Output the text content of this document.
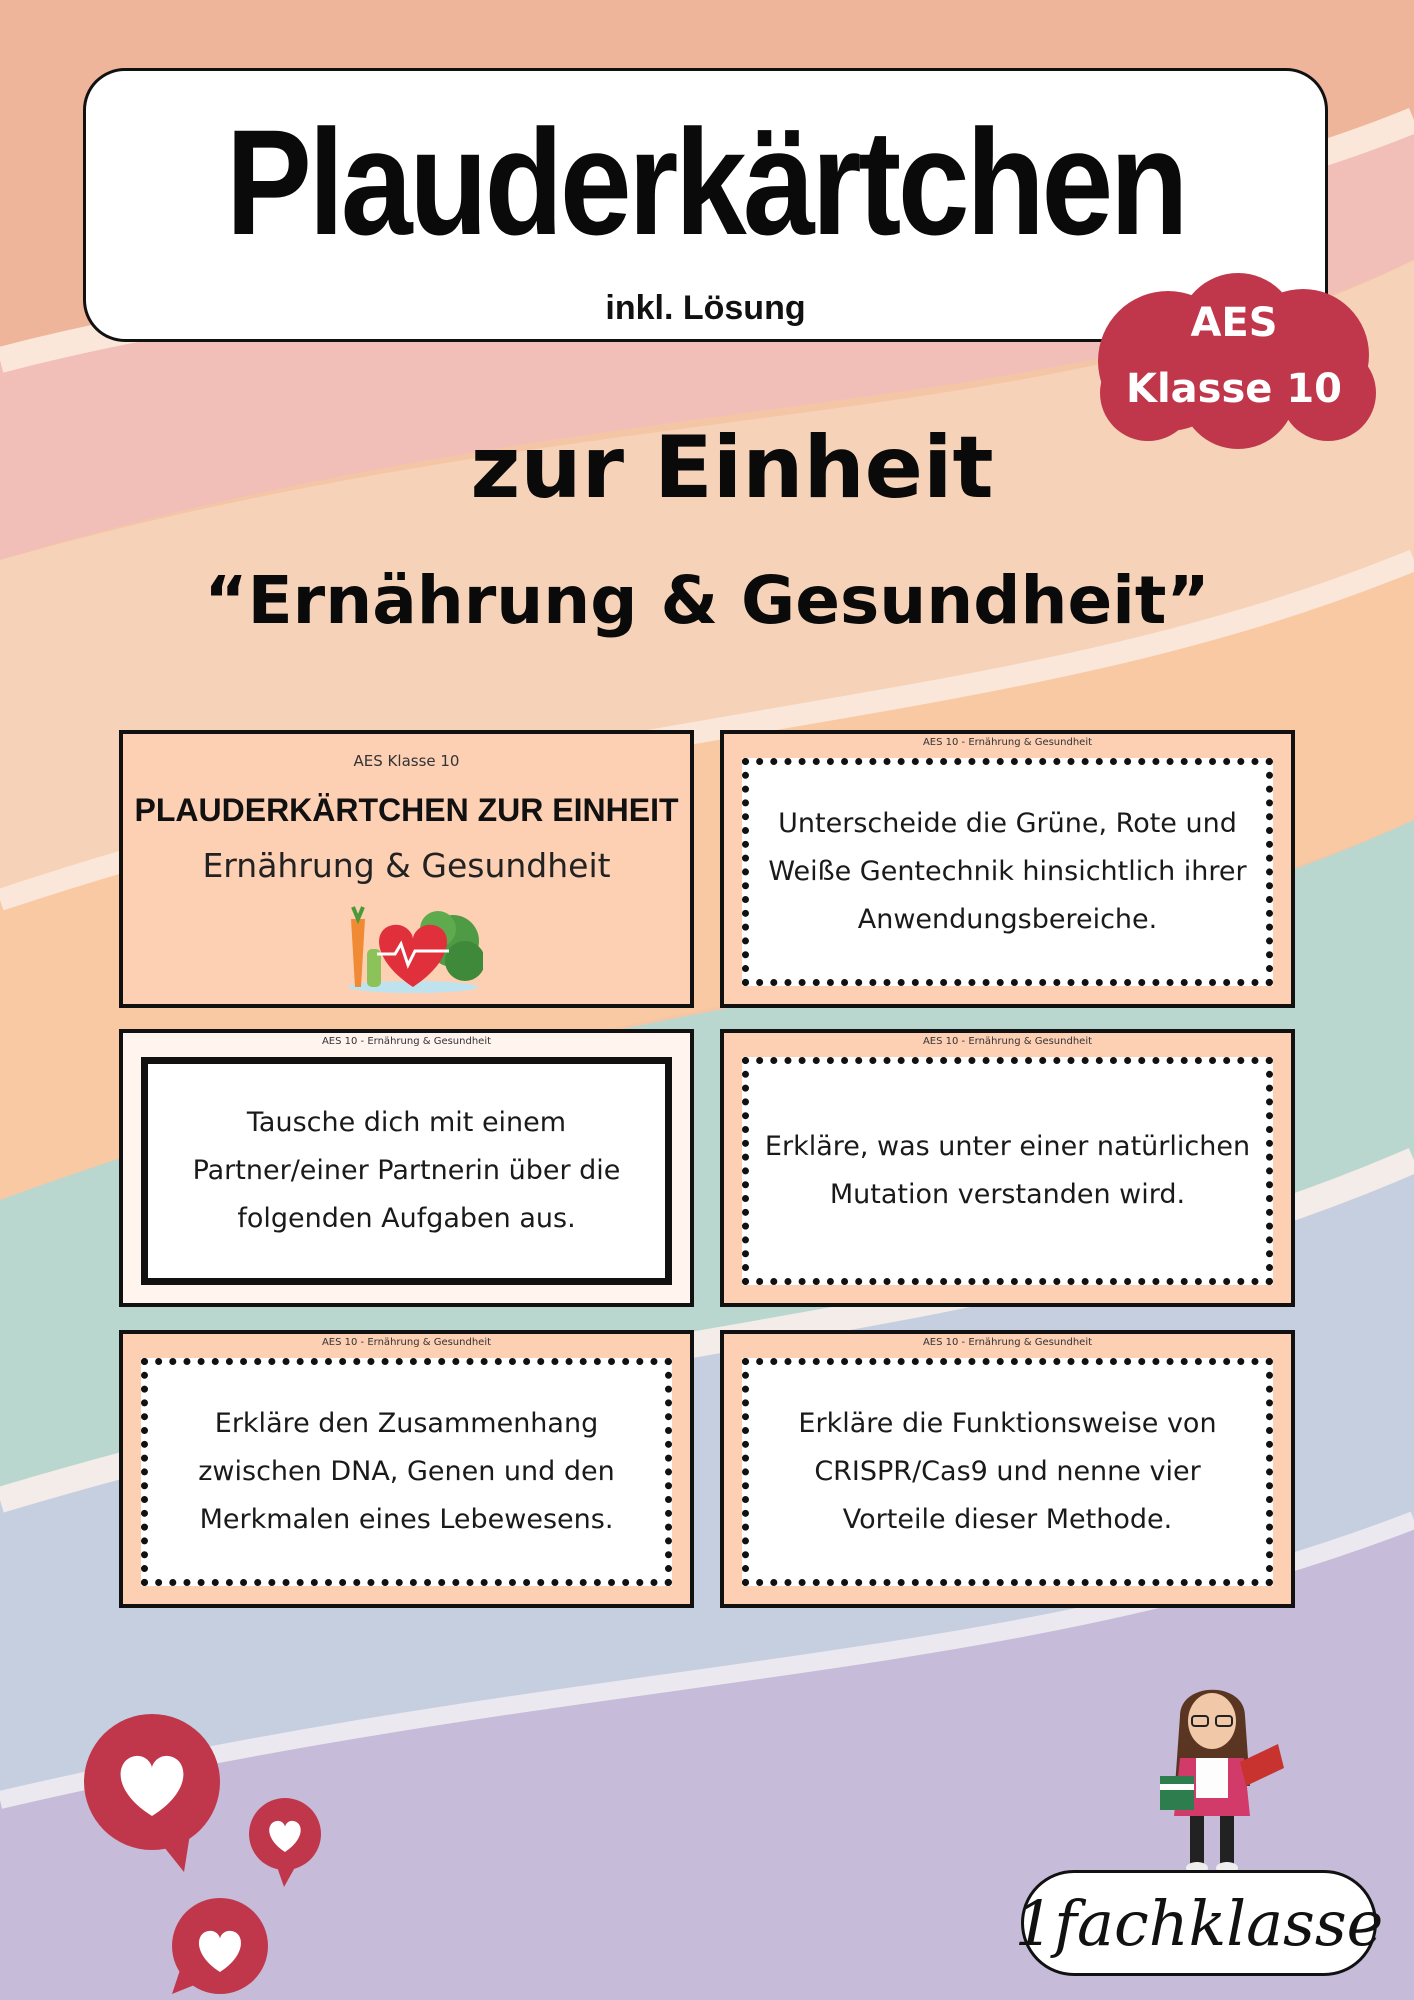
Plauderkärtchen
inkl. Lösung	AES
Klasse 10
zur Einheit
“Ernährung & Gesundheit”
AES Klasse 10
PLAUDERKÄRTCHEN ZUR EINHEIT
Ernährung & Gesundheit
AES 10 - Ernährung & Gesundheit
Unterscheide die Grüne, Rote und Weiße Gentechnik hinsichtlich ihrer Anwendungsbereiche.
AES 10 - Ernährung & Gesundheit
Tausche dich mit einem Partner/einer Partnerin über die folgenden Aufgaben aus.
AES 10 - Ernährung & Gesundheit
Erkläre, was unter einer natürlichen Mutation verstanden wird.
AES 10 - Ernährung & Gesundheit
Erkläre den Zusammenhang zwischen DNA, Genen und den Merkmalen eines Lebewesens.
AES 10 - Ernährung & Gesundheit
Erkläre die Funktionsweise von CRISPR/Cas9 und nenne vier Vorteile dieser Methode.
1fachklasse
